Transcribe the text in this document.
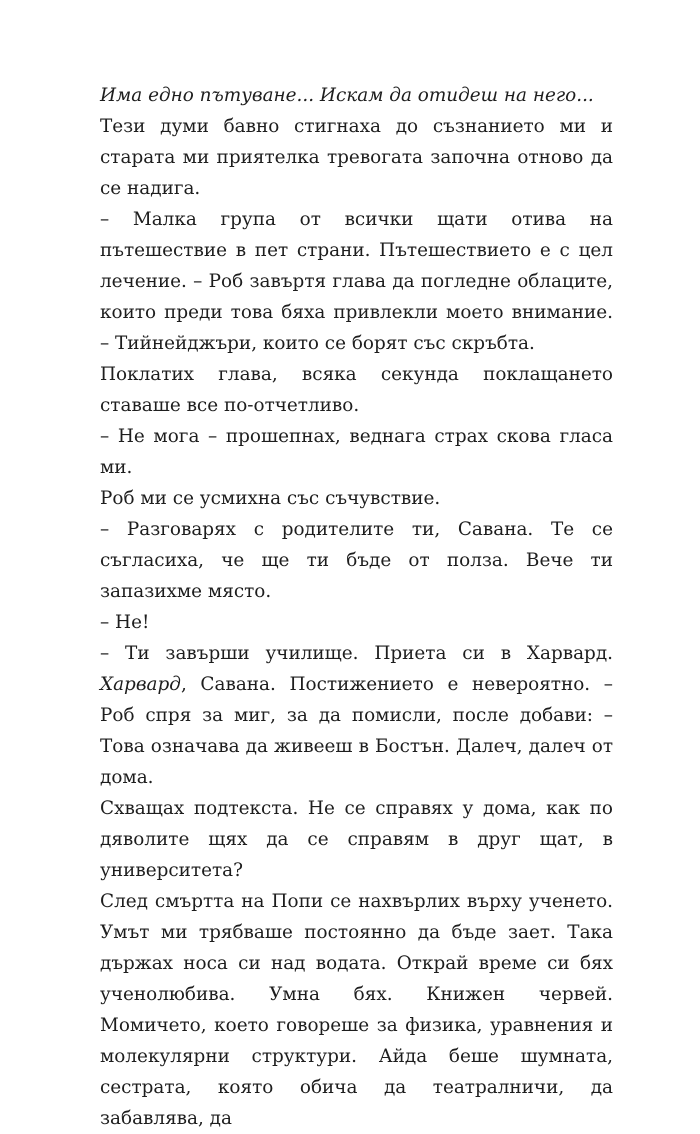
Има едно пътуване... Искам да отидеш на него...

Тези думи бавно стигнаха до съзнанието ми и старата ми приятелка тревогата започна отново да се надига.

– Малка група от всички щати отива на пътешествие в пет страни. Пътешествието е с цел лечение. – Роб завъртя глава да погледне облаците, които преди това бяха привлекли моето внимание. – Тийнейджъри, които се борят със скръбта.

Поклатих глава, всяка секунда поклащането ставаше все по-отчетливо.

– Не мога – прошепнах, веднага страх скова гласа ми.

Роб ми се усмихна със съчувствие.

– Разговарях с родителите ти, Савана. Те се съгласиха, че ще ти бъде от полза. Вече ти запазихме място.

– Не!

– Ти завърши училище. Приета си в Харвард. Харвард, Савана. Постижението е невероятно. – Роб спря за миг, за да помисли, после добави: – Това означава да живееш в Бостън. Далеч, далеч от дома.

Схващах подтекста. Не се справях у дома, как по дяволите щях да се справям в друг щат, в университета?

След смъртта на Попи се нахвърлих върху ученето. Умът ми трябваше постоянно да бъде зает. Така държах носа си над водата. Открай време си бях ученолюбива. Умна бях. Книжен червей. Момичето, което говореше за физика, уравнения и молекулярни структури. Айда беше шумната, сестрата, която обича да театралничи, да забавлява, да
